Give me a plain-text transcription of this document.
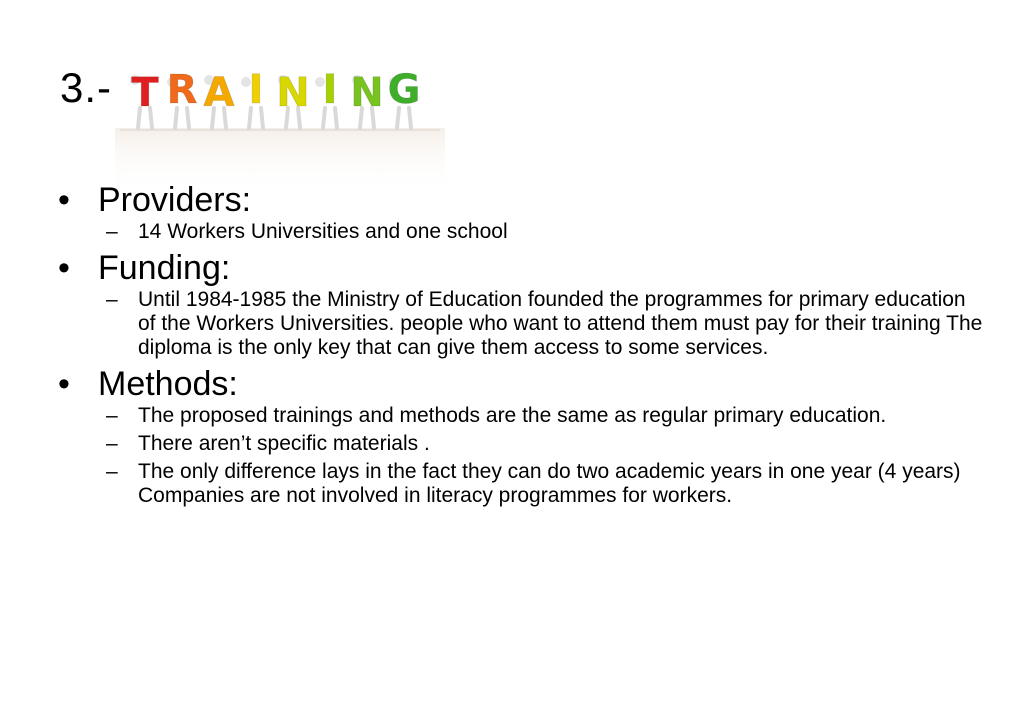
3.- T R A I N I N G
• Providers:
– 14 Workers Universities and one school
• Funding:
– Until 1984-1985 the Ministry of Education founded the programmes for primary education of the Workers Universities. people who want to attend them must pay for their training The diploma is the only key that can give them access to some services.
• Methods:
– The proposed trainings and methods are the same as regular primary education.
– There aren’t specific materials .
– The only difference lays in the fact they can do two academic years in one year (4 years) Companies are not involved in literacy programmes for workers.
